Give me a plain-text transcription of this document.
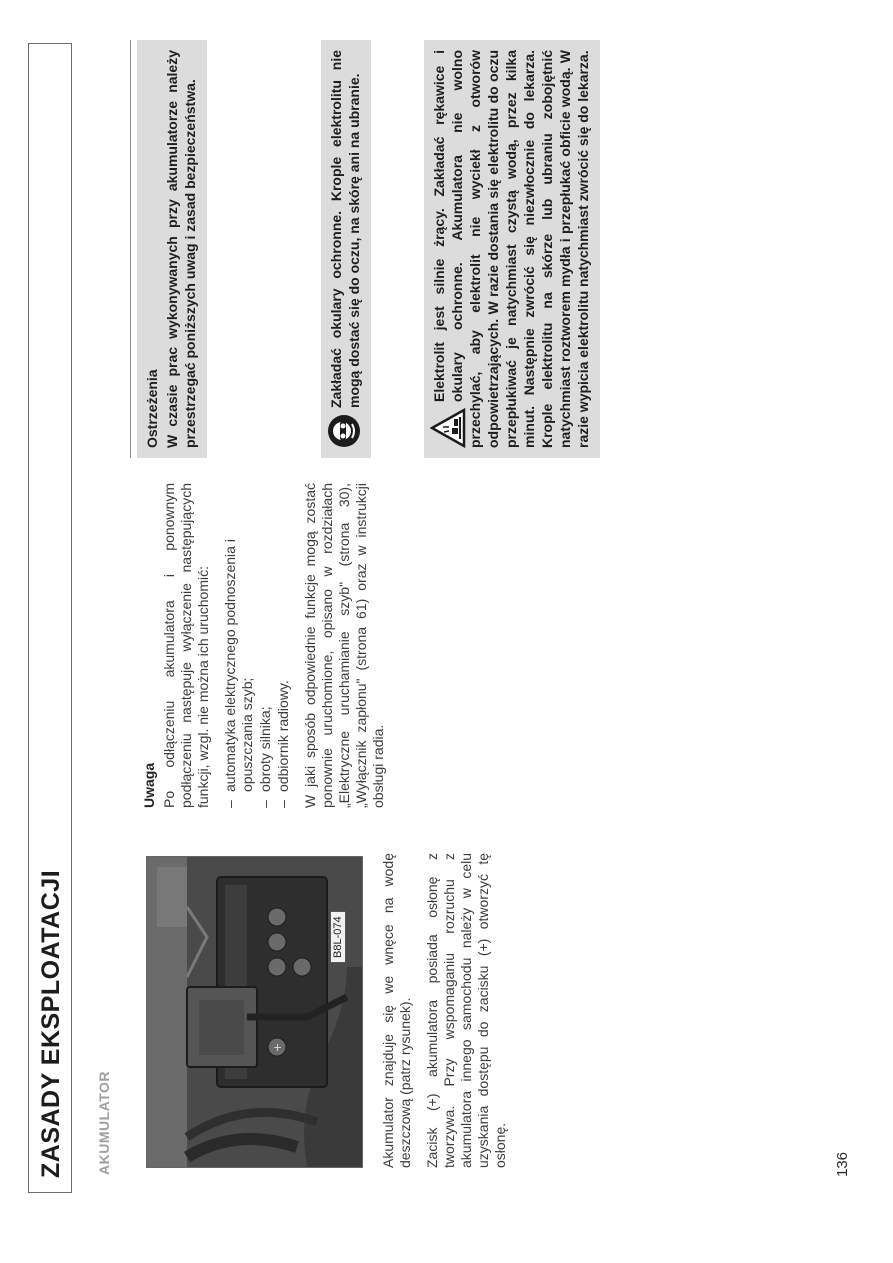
ZASADY EKSPLOATACJI AKUMULATOR
+
B8L-074	Akumulator znajduje się we wnęce na wodę deszczową (patrz rysunek). Zacisk (+) akumulatora posiada osłonę z tworzywa. Przy wspomaganiu rozruchu z akumulatora innego samochodu należy w celu uzyskania dostępu do zacisku (+) otworzyć tę osłonę.

Uwaga Po odłączeniu akumulatora i ponownym podłączeniu następuje wyłączenie następujących funkcji, wzgl. nie można ich uruchomić: – automatyka elektrycznego podnoszenia i opuszczania szyb; – obroty silnika; – odbiornik radiowy. W jaki sposób odpowiednie funkcje mogą zostać ponownie uruchomione, opisano w rozdziałach „Elektryczne uruchamianie szyb" (strona 30), „Wyłącznik zapłonu" (strona 61) oraz w instrukcji obsługi radia.

Ostrzeżenia W czasie prac wykonywanych przy akumulatorze należy przestrzegać poniższych uwag i zasad bezpieczeństwa.	Zakładać okulary ochronne. Krople elektrolitu nie mogą dostać się do oczu, na skórę ani na ubranie.	Elektrolit jest silnie żrący. Zakładać rękawice i okulary ochronne. Akumulatora nie wolno przechylać, aby elektrolit nie wyciekł z otworów odpowietrzających. W razie dostania się elektrolitu do oczu przepłukiwać je natychmiast czystą wodą, przez kilka minut. Następnie zwrócić się niezwłocznie do lekarza. Krople elektrolitu na skórze lub ubraniu zobojętnić natychmiast roztworem mydła i przepłukać obficie wodą. W razie wypicia elektrolitu natychmiast zwrócić się do lekarza.
136
